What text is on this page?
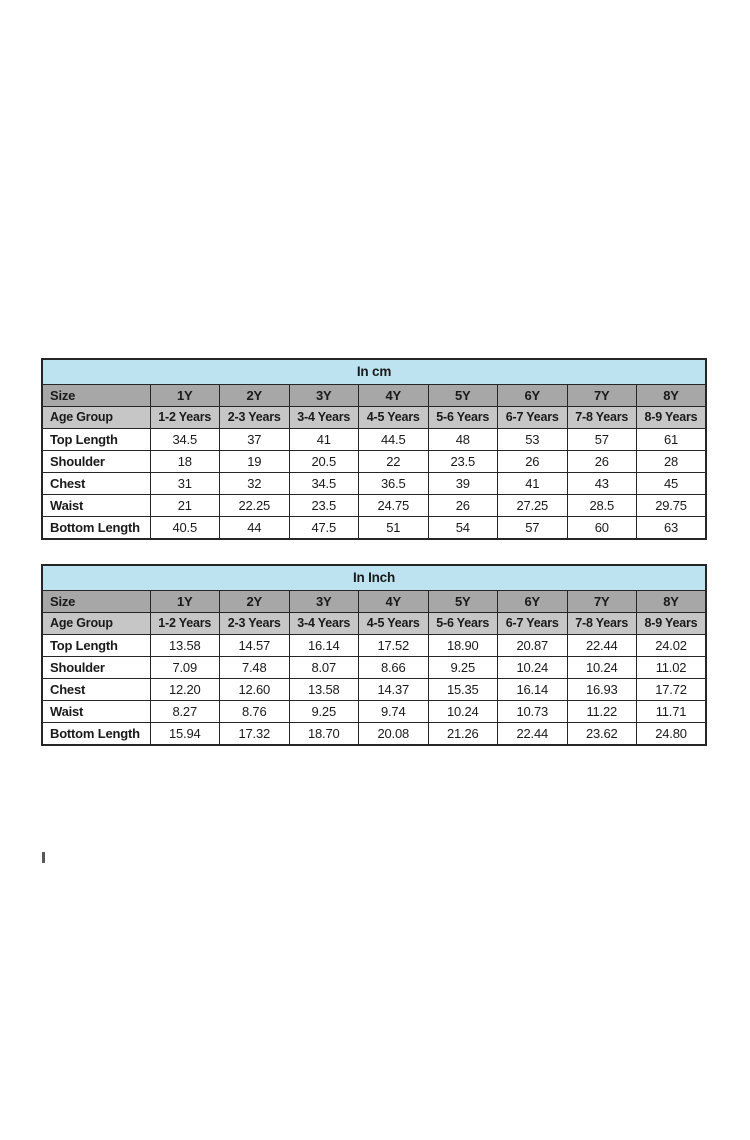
In cm								
Size	1Y	2Y	3Y	4Y	5Y	6Y	7Y	8Y
Age Group	1-2 Years	2-3 Years	3-4 Years	4-5 Years	5-6 Years	6-7 Years	7-8 Years	8-9 Years
Top Length	34.5	37	41	44.5	48	53	57	61
Shoulder	18	19	20.5	22	23.5	26	26	28
Chest	31	32	34.5	36.5	39	41	43	45
Waist	21	22.25	23.5	24.75	26	27.25	28.5	29.75
Bottom Length	40.5	44	47.5	51	54	57	60	63
In Inch								
Size	1Y	2Y	3Y	4Y	5Y	6Y	7Y	8Y
Age Group	1-2 Years	2-3 Years	3-4 Years	4-5 Years	5-6 Years	6-7 Years	7-8 Years	8-9 Years
Top Length	13.58	14.57	16.14	17.52	18.90	20.87	22.44	24.02
Shoulder	7.09	7.48	8.07	8.66	9.25	10.24	10.24	11.02
Chest	12.20	12.60	13.58	14.37	15.35	16.14	16.93	17.72
Waist	8.27	8.76	9.25	9.74	10.24	10.73	11.22	11.71
Bottom Length	15.94	17.32	18.70	20.08	21.26	22.44	23.62	24.80
